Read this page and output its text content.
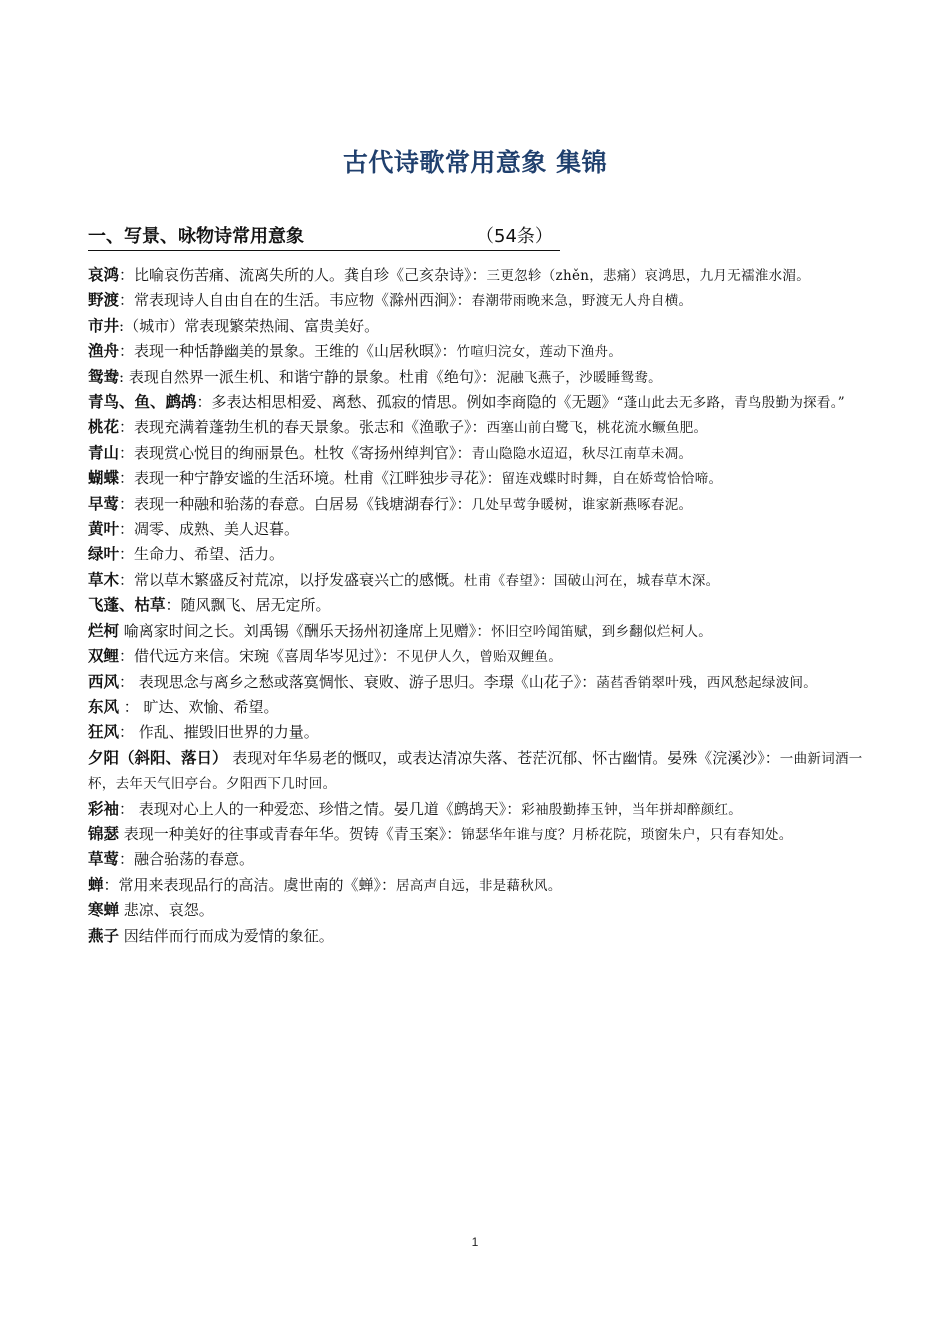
古代诗歌常用意象 集锦
一、写景、咏物诗常用意象	（54条）

哀鸿：比喻哀伤苦痛、流离失所的人。龚自珍《己亥杂诗》：三更忽轸（zhěn，悲痛）哀鸿思，九月无襦淮水湄。

野渡：常表现诗人自由自在的生活。韦应物《滁州西涧》：春潮带雨晚来急，野渡无人舟自横。

市井:（城市）常表现繁荣热闹、富贵美好。

渔舟：表现一种恬静幽美的景象。王维的《山居秋暝》：竹喧归浣女，莲动下渔舟。

鸳鸯: 表现自然界一派生机、和谐宁静的景象。杜甫《绝句》：泥融飞燕子，沙暖睡鸳鸯。

青鸟、鱼、鹧鸪：多表达相思相爱、离愁、孤寂的情思。例如李商隐的《无题》“蓬山此去无多路，青鸟殷勤为探看。”

桃花：表现充满着蓬勃生机的春天景象。张志和《渔歌子》：西塞山前白鹭飞，桃花流水鳜鱼肥。

青山：表现赏心悦目的绚丽景色。杜牧《寄扬州绰判官》：青山隐隐水迢迢，秋尽江南草未凋。

蝴蝶：表现一种宁静安谧的生活环境。杜甫《江畔独步寻花》：留连戏蝶时时舞，自在娇莺恰恰啼。

早莺：表现一种融和骀荡的春意。白居易《钱塘湖春行》：几处早莺争暖树，谁家新燕啄春泥。

黄叶：凋零、成熟、美人迟暮。

绿叶：生命力、希望、活力。

草木：常以草木繁盛反衬荒凉，以抒发盛衰兴亡的感慨。杜甫《春望》：国破山河在，城春草木深。

飞蓬、枯草：随风飘飞、居无定所。

烂柯 喻离家时间之长。刘禹锡《酬乐天扬州初逢席上见赠》：怀旧空吟闻笛赋，到乡翻似烂柯人。

双鲤：借代远方来信。宋琬《喜周华岑见过》：不见伊人久，曾贻双鲤鱼。

西风： 表现思念与离乡之愁或落寞惆怅、衰败、游子思归。李璟《山花子》：菡萏香销翠叶残，西风愁起绿波间。

东风 ： 旷达、欢愉、希望。

狂风： 作乱、摧毁旧世界的力量。

夕阳（斜阳、落日） 表现对年华易老的慨叹，或表达清凉失落、苍茫沉郁、怀古幽情。晏殊《浣溪沙》：一曲新词酒一杯，去年天气旧亭台。夕阳西下几时回。

彩袖： 表现对心上人的一种爱恋、珍惜之情。晏几道《鹧鸪天》：彩袖殷勤捧玉钟，当年拼却醉颜红。

锦瑟 表现一种美好的往事或青春年华。贺铸《青玉案》：锦瑟华年谁与度？月桥花院，琐窗朱户，只有春知处。

草莺：融合骀荡的春意。

蝉：常用来表现品行的高洁。虞世南的《蝉》：居高声自远，非是藉秋风。

寒蝉 悲凉、哀怨。

燕子 因结伴而行而成为爱情的象征。

1
